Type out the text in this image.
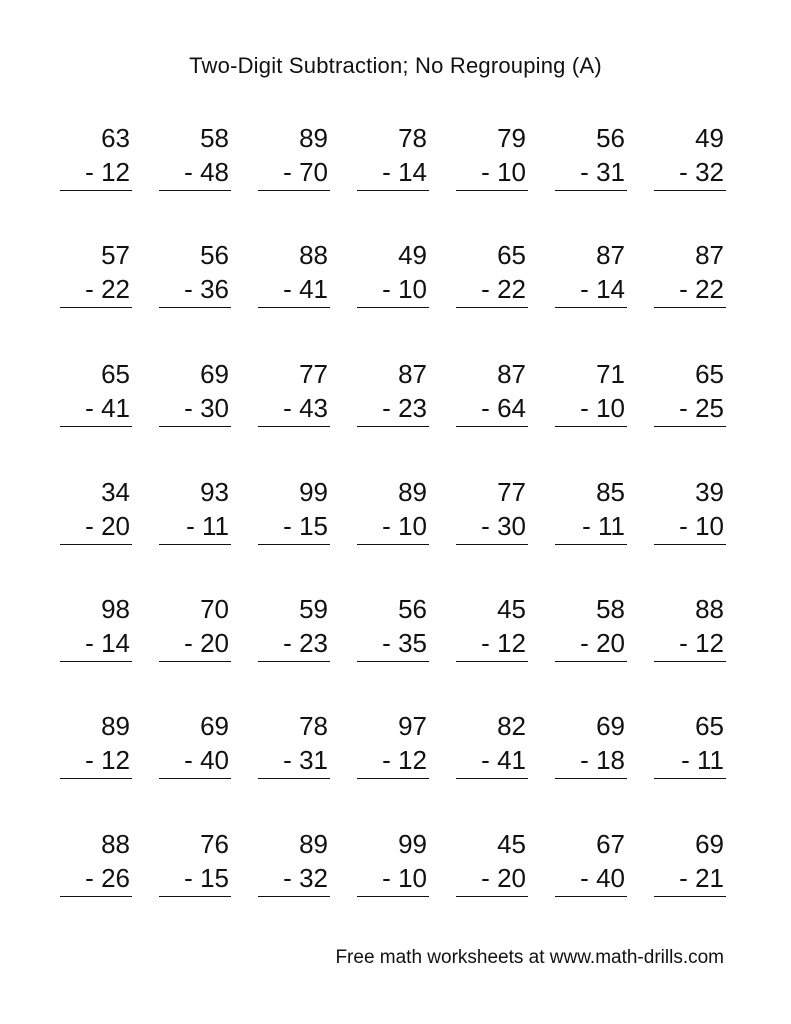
Two-Digit Subtraction; No Regrouping (A)
63
- 12
58
- 48
89
- 70
78
- 14
79
- 10
56
- 31
49
- 32
57
- 22
56
- 36
88
- 41
49
- 10
65
- 22
87
- 14
87
- 22
65
- 41
69
- 30
77
- 43
87
- 23
87
- 64
71
- 10
65
- 25
34
- 20
93
- 11
99
- 15
89
- 10
77
- 30
85
- 11
39
- 10
98
- 14
70
- 20
59
- 23
56
- 35
45
- 12
58
- 20
88
- 12
89
- 12
69
- 40
78
- 31
97
- 12
82
- 41
69
- 18
65
- 11
88
- 26
76
- 15
89
- 32
99
- 10
45
- 20
67
- 40
69
- 21
Free math worksheets at www.math-drills.com
